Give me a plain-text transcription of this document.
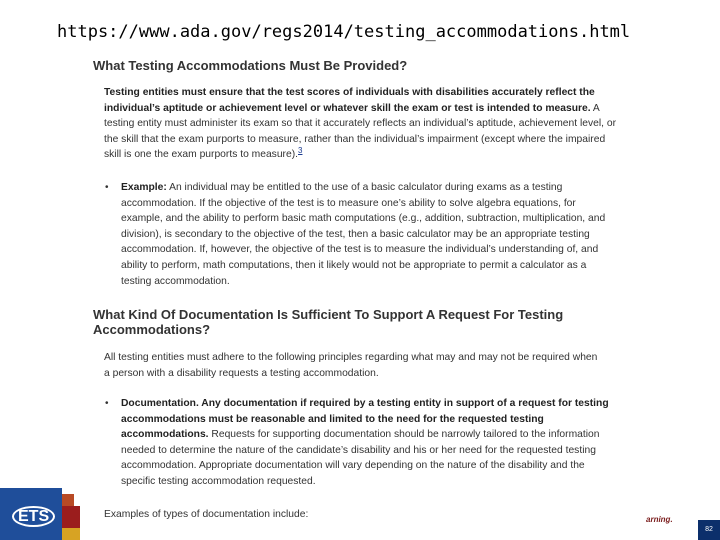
https://www.ada.gov/regs2014/testing_accommodations.html

What Testing Accommodations Must Be Provided?

Testing entities must ensure that the test scores of individuals with disabilities accurately reflect the individual’s aptitude or achievement level or whatever skill the exam or test is intended to measure. A testing entity must administer its exam so that it accurately reflects an individual’s aptitude, achievement level, or the skill that the exam purports to measure, rather than the individual’s impairment (except where the impaired skill is one the exam purports to measure).$^3$

• Example: An individual may be entitled to the use of a basic calculator during exams as a testing accommodation. If the objective of the test is to measure one’s ability to solve algebra equations, for example, and the ability to perform basic math computations (e.g., addition, subtraction, multiplication, and division), is secondary to the objective of the test, then a basic calculator may be an appropriate testing accommodation. If, however, the objective of the test is to measure the individual’s understanding of, and ability to perform, math computations, then it likely would not be appropriate to permit a calculator as a testing accommodation.
What Kind Of Documentation Is Sufficient To Support A Request For Testing Accommodations?

All testing entities must adhere to the following principles regarding what may and may not be required when a person with a disability requests a testing accommodation.

• Documentation. Any documentation if required by a testing entity in support of a request for testing accommodations must be reasonable and limited to the need for the requested testing accommodations. Requests for supporting documentation should be narrowly tailored to the information needed to determine the nature of the candidate’s disability and his or her need for the requested testing accommodation. Appropriate documentation will vary depending on the nature of the disability and the specific testing accommodation requested.

Examples of types of documentation include:

ETS	arning.
82
